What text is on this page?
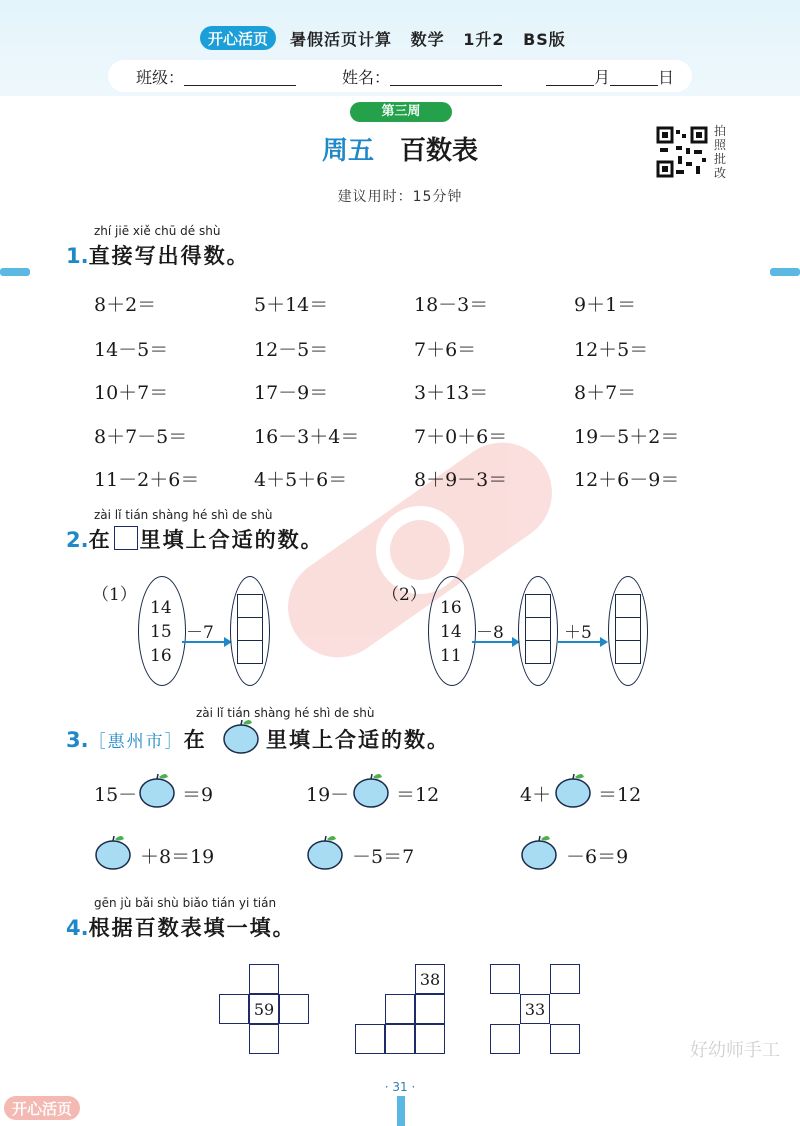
开心活页 暑假活页计算 数学 1升2 BS版
班级：	姓名：	月	日
第三周
周五 百数表
建议用时：15分钟
拍
照
批
改
zhí jiē xiě chū dé shù
1.直接写出得数。
8＋2＝	5＋14＝	18－3＝	9＋1＝
14－5＝	12－5＝	7＋6＝	12＋5＝
10＋7＝	17－9＝	3＋13＝	8＋7＝
8＋7－5＝	16－3＋4＝	7＋0＋6＝	19－5＋2＝
11－2＋6＝	4＋5＋6＝	8＋9－3＝	12＋6－9＝
zài lǐ tián shàng hé shì de shù
2.在 里填上合适的数。
（1）
14
15
16
－7
（2）
16
14
11
－8	＋5
zài lǐ tián shàng hé shì de shù
3.［惠州市］在	里填上合适的数。
15－ ＝9	19－ ＝12	4＋ ＝12
＋8＝19	－5＝7	－6＝9
gēn jù bǎi shù biǎo tián yi tián
4.根据百数表填一填。
59
38
33
好幼师手工
· 31 ·
开心活页
